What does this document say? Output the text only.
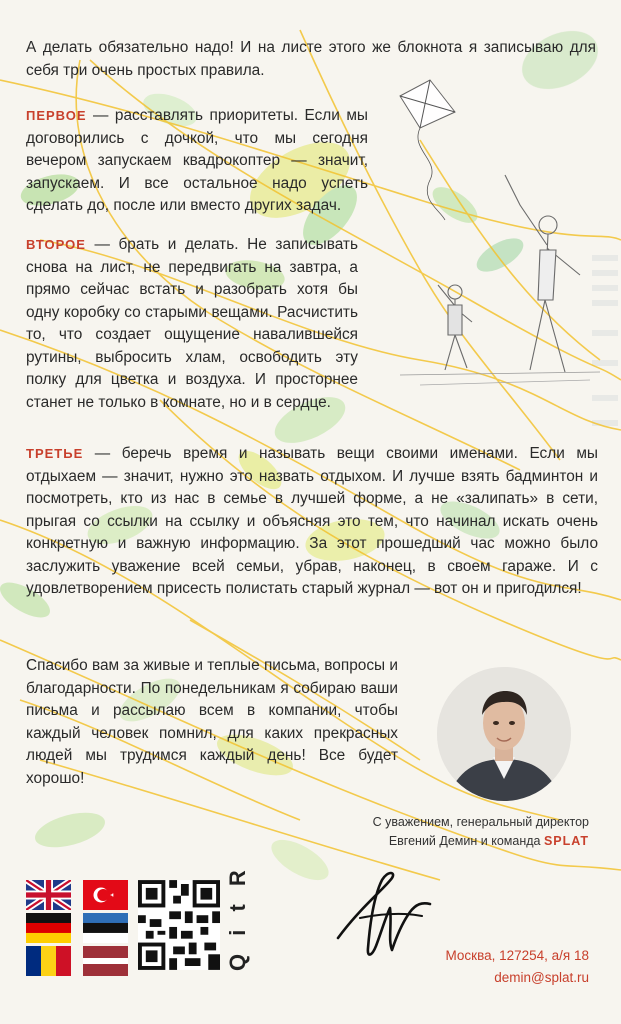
А делать обязательно надо! И на листе этого же блокнота я записываю для себя три очень простых правила.

ПЕРВОЕ — расставлять приоритеты. Если мы договорились с дочкой, что мы сегодня вечером запускаем квадрокоптер — значит, запускаем. И все остальное надо успеть сделать до, после или вместо других задач.

ВТОРОЕ — брать и делать. Не записывать снова на лист, не передвигать на завтра, а прямо сейчас встать и разобрать хотя бы одну коробку со старыми вещами. Расчистить то, что создает ощущение навалившейся рутины, выбросить хлам, освободить эту полку для цветка и воздуха. И просторнее станет не только в комнате, но и в сердце.

ТРЕТЬЕ — беречь время и называть вещи своими именами. Если мы отдыхаем — значит, нужно это назвать отдыхом. И лучше взять бадминтон и посмотреть, кто из нас в семье в лучшей форме, а не «залипать» в сети, прыгая со ссылки на ссылку и объясняя это тем, что начинал искать очень конкретную и важную информацию. За этот прошедший час можно было заслужить уважение всей семьи, убрав, наконец, в своем гараже. И с удовлетворением присесть полистать старый журнал — вот он и пригодился!

Спасибо вам за живые и теплые письма, вопросы и благодарности. По понедельникам я собираю ваши письма и рассылаю всем в компании, чтобы каждый человек помнил, для каких прекрасных людей мы трудимся каждый день! Все будет хорошо!

С уважением, генеральный директор
Евгений Демин и команда SPLAT
Q i t R	Москва, 127254, а/я 18
demin@splat.ru
